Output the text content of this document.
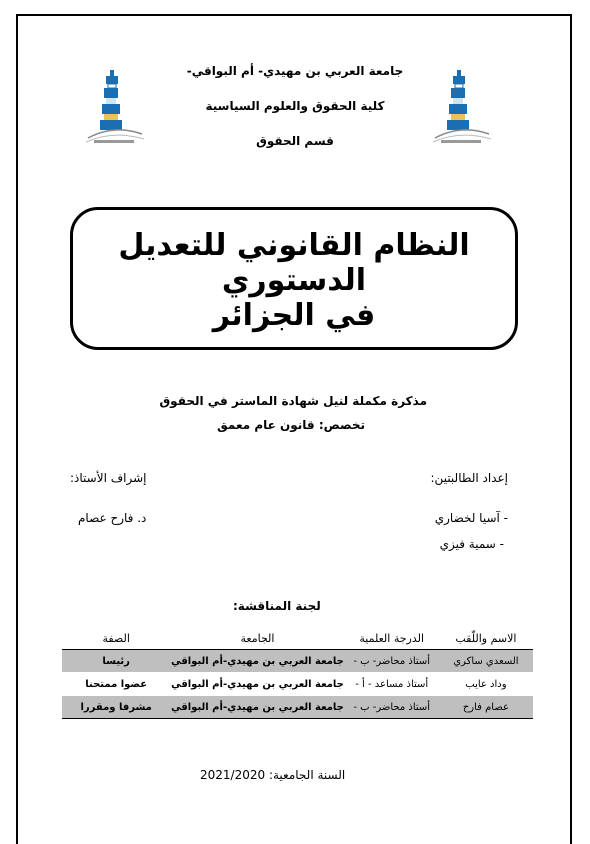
جامعة العربي بن مهيدي- أم البواقي-
كلية الحقوق والعلوم السياسية
قسم الحقوق
النظام القانوني للتعديل الدستوري
في الجزائر
مذكرة مكملة لنيل شهادة الماستر في الحقوق
تخصص: قانون عام معمق
إعداد الطالبتين:
- آسيا لخضاري
- سمية فيزي
إشراف الأستاذ:
د. فارح عصام
لجنة المناقشة:
الاسم واللّقب	الدرجة العلمية	الجامعة	الصفة
السعدي ساكري	أستاذ محاضر- ب -	جامعة العربي بن مهيدي-أم البواقي	رئيسا
وداد عايب	أستاذ مساعد - أ -	جامعة العربي بن مهيدي-أم البواقي	عضوا ممتحنا
عصام فارح	أستاذ محاضر- ب -	جامعة العربي بن مهيدي-أم البواقي	مشرفا ومقررا
السنة الجامعية: 2021/2020
